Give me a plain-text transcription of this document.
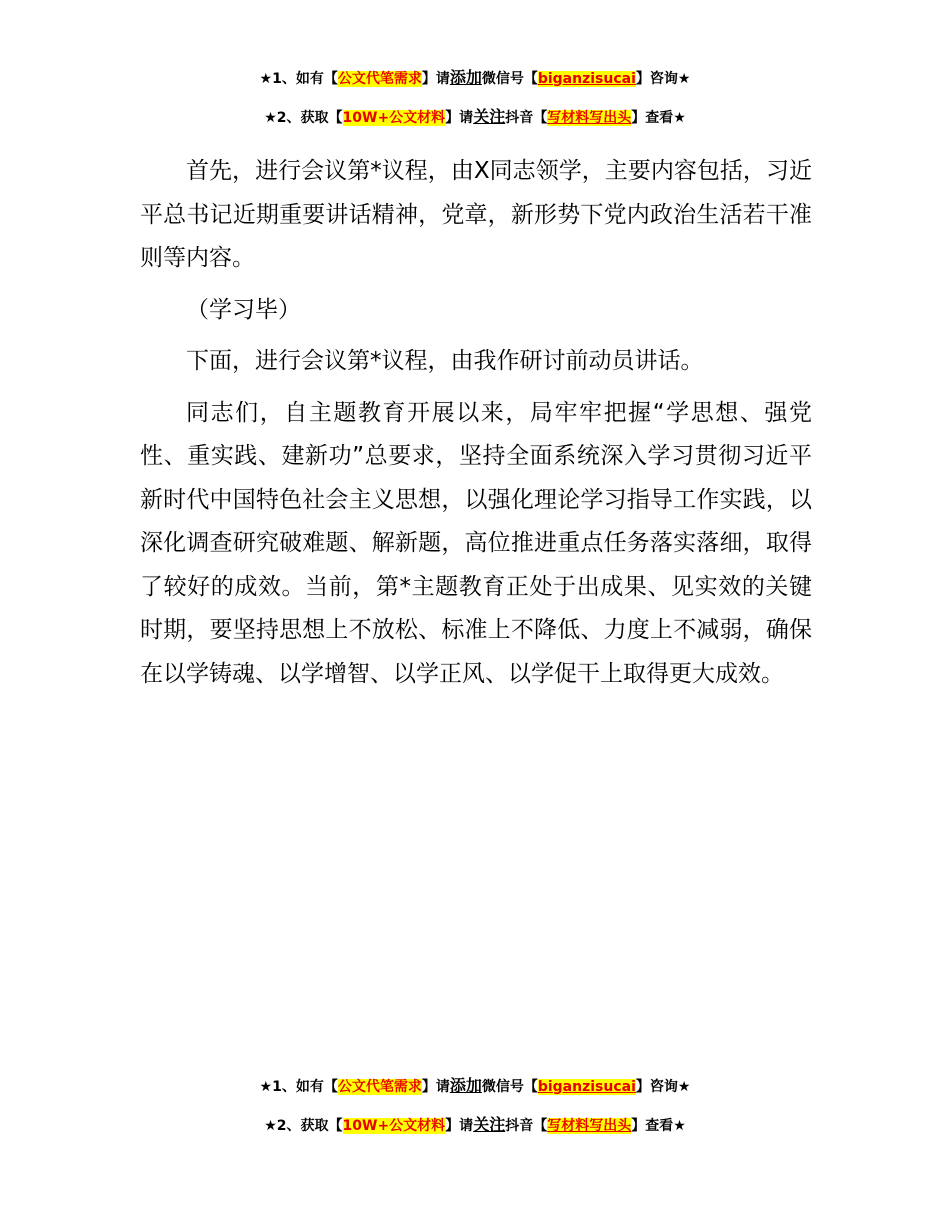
★1、如有【公文代笔需求】请添加微信号【biganzisucai】咨询★
★2、获取【10W+公文材料】请关注抖音【写材料写出头】查看★

首先，进行会议第*议程，由X同志领学，主要内容包括，习近平总书记近期重要讲话精神，党章，新形势下党内政治生活若干准则等内容。

（学习毕）

下面，进行会议第*议程，由我作研讨前动员讲话。

同志们，自主题教育开展以来，局牢牢把握“学思想、强党性、重实践、建新功”总要求，坚持全面系统深入学习贯彻习近平新时代中国特色社会主义思想，以强化理论学习指导工作实践，以深化调查研究破难题、解新题，高位推进重点任务落实落细，取得了较好的成效。当前，第*主题教育正处于出成果、见实效的关键时期，要坚持思想上不放松、标准上不降低、力度上不减弱，确保在以学铸魂、以学增智、以学正风、以学促干上取得更大成效。

★1、如有【公文代笔需求】请添加微信号【biganzisucai】咨询★
★2、获取【10W+公文材料】请关注抖音【写材料写出头】查看★
